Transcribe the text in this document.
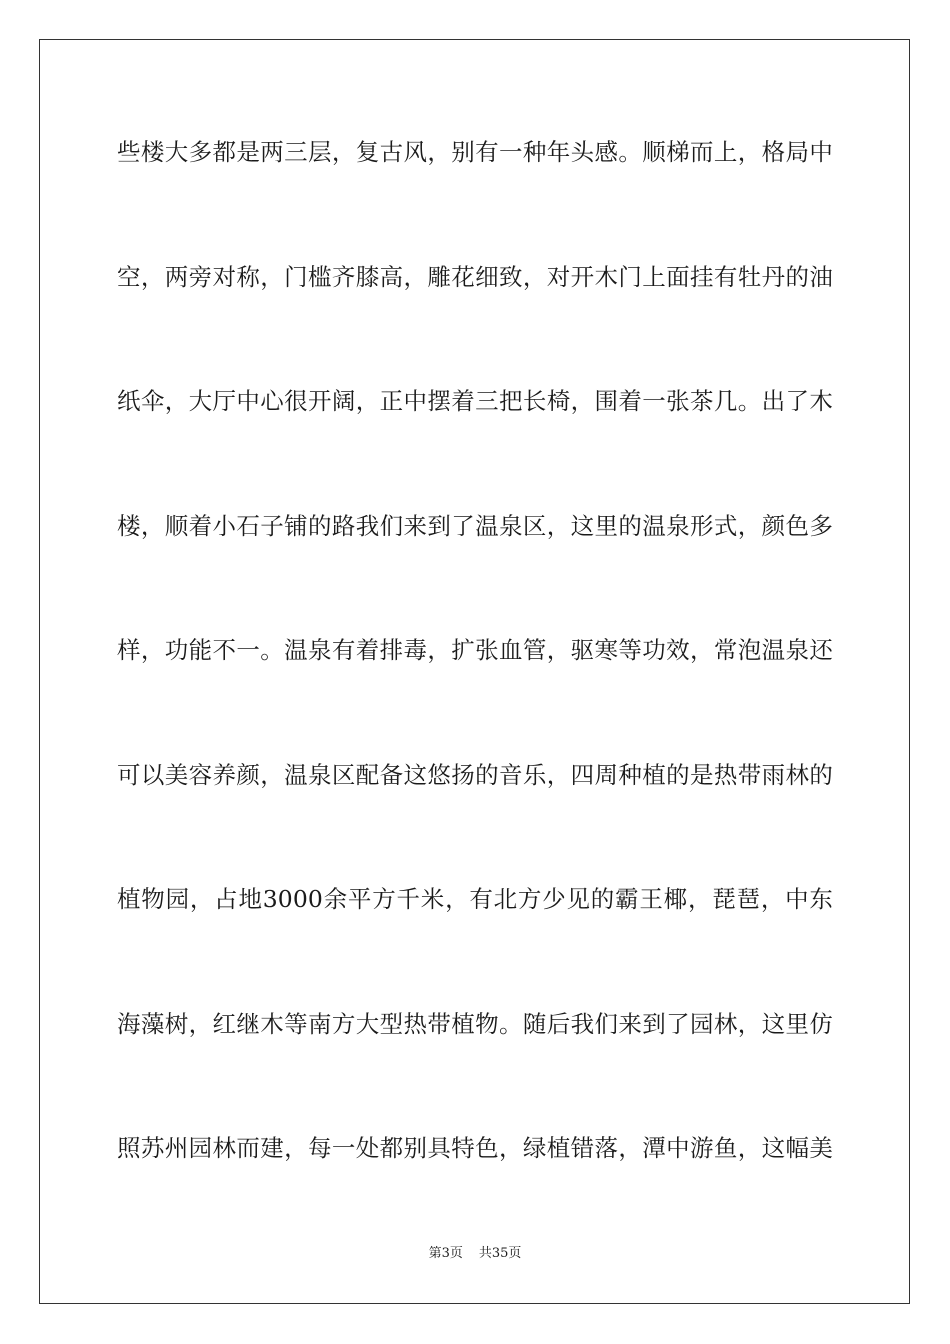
些楼大多都是两三层，复古风，别有一种年头感。顺梯而上，格局中
空，两旁对称，门槛齐膝高，雕花细致，对开木门上面挂有牡丹的油
纸伞，大厅中心很开阔，正中摆着三把长椅，围着一张茶几。出了木
楼，顺着小石子铺的路我们来到了温泉区，这里的温泉形式，颜色多
样，功能不一。温泉有着排毒，扩张血管，驱寒等功效，常泡温泉还
可以美容养颜，温泉区配备这悠扬的音乐，四周种植的是热带雨林的
植物园，占地3000余平方千米，有北方少见的霸王椰，琵琶，中东
海藻树，红继木等南方大型热带植物。随后我们来到了园林，这里仿
照苏州园林而建，每一处都别具特色，绿植错落，潭中游鱼，这幅美
第3页 共35页
